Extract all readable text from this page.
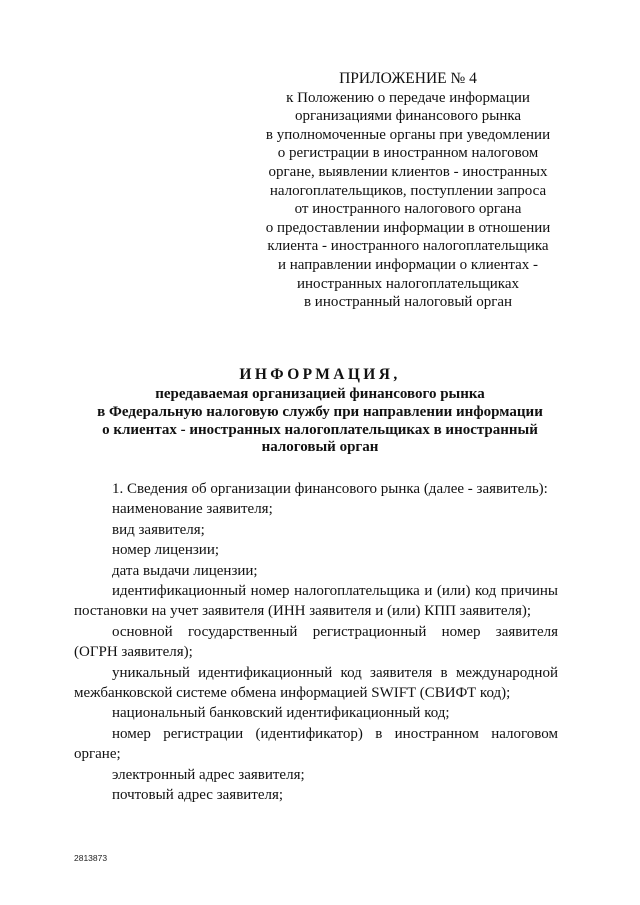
ПРИЛОЖЕНИЕ № 4
к Положению о передаче информации
организациями финансового рынка
в уполномоченные органы при уведомлении
о регистрации в иностранном налоговом
органе, выявлении клиентов - иностранных
налогоплательщиков, поступлении запроса
от иностранного налогового органа
о предоставлении информации в отношении
клиента - иностранного налогоплательщика
и направлении информации о клиентах -
иностранных налогоплательщиках
в иностранный налоговый орган
ИНФОРМАЦИЯ,
передаваемая организацией финансового рынка
в Федеральную налоговую службу при направлении информации
о клиентах - иностранных налогоплательщиках в иностранный
налоговый орган

1. Сведения об организации финансового рынка (далее - заявитель):

наименование заявителя;

вид заявителя;

номер лицензии;

дата выдачи лицензии;

идентификационный номер налогоплательщика и (или) код причины
постановки на учет заявителя (ИНН заявителя и (или) КПП заявителя);
основной государственный регистрационный номер заявителя
(ОГРН заявителя);
уникальный идентификационный код заявителя в международной
межбанковской системе обмена информацией SWIFT (СВИФТ код);

национальный банковский идентификационный код;

номер регистрации (идентификатор) в иностранном налоговом
органе;

электронный адрес заявителя;

почтовый адрес заявителя;

2813873
